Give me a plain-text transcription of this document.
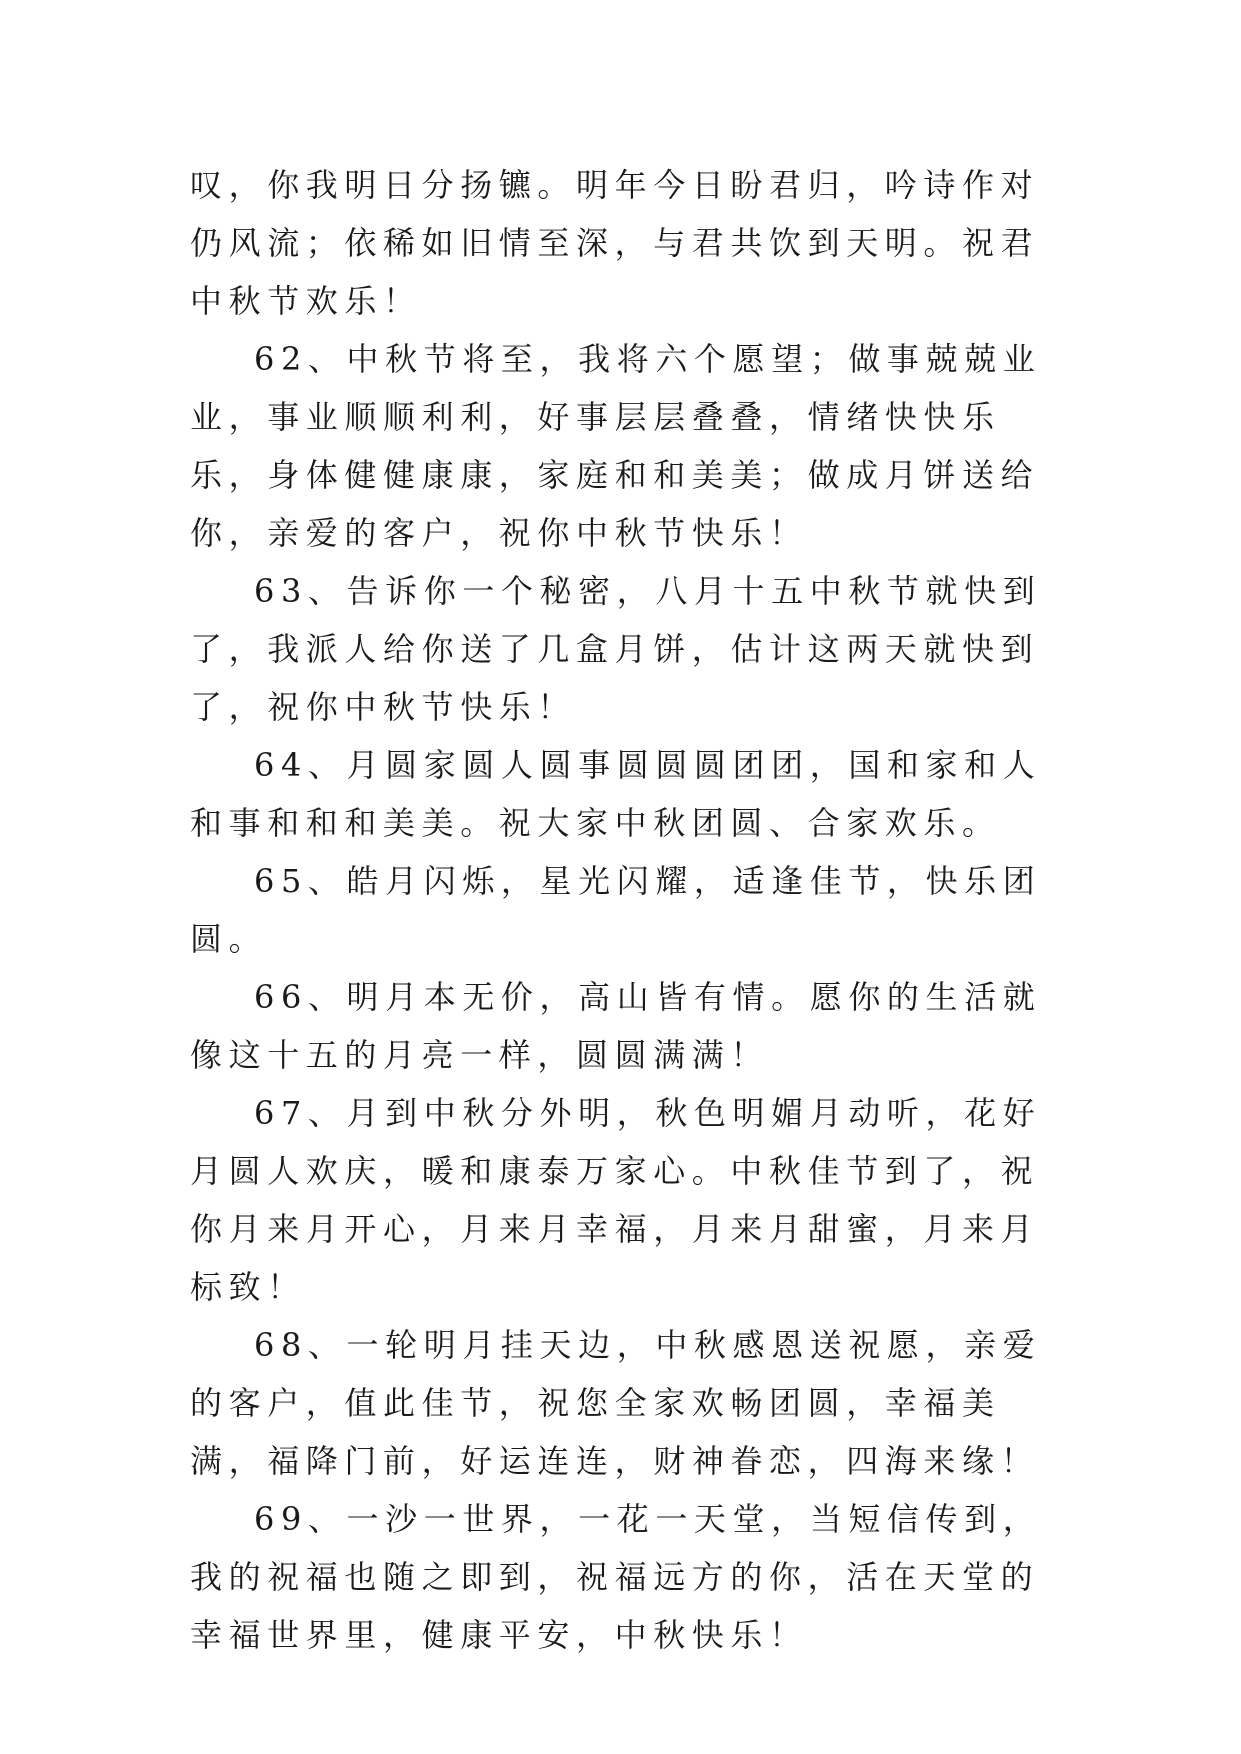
叹，你我明日分扬镳。明年今日盼君归，吟诗作对仍风流；依稀如旧情至深，与君共饮到天明。祝君中秋节欢乐！

62、中秋节将至，我将六个愿望；做事兢兢业业，事业顺顺利利，好事层层叠叠，情绪快快乐乐，身体健健康康，家庭和和美美；做成月饼送给你，亲爱的客户，祝你中秋节快乐！

63、告诉你一个秘密，八月十五中秋节就快到了，我派人给你送了几盒月饼，估计这两天就快到了，祝你中秋节快乐！

64、月圆家圆人圆事圆圆圆团团，国和家和人和事和和和美美。祝大家中秋团圆、合家欢乐。

65、皓月闪烁，星光闪耀，适逢佳节，快乐团圆。

66、明月本无价，高山皆有情。愿你的生活就像这十五的月亮一样，圆圆满满！

67、月到中秋分外明，秋色明媚月动听，花好月圆人欢庆，暖和康泰万家心。中秋佳节到了，祝你月来月开心，月来月幸福，月来月甜蜜，月来月标致！

68、一轮明月挂天边，中秋感恩送祝愿，亲爱的客户，值此佳节，祝您全家欢畅团圆，幸福美满，福降门前，好运连连，财神眷恋，四海来缘！

69、一沙一世界，一花一天堂，当短信传到，我的祝福也随之即到，祝福远方的你，活在天堂的幸福世界里，健康平安，中秋快乐！
